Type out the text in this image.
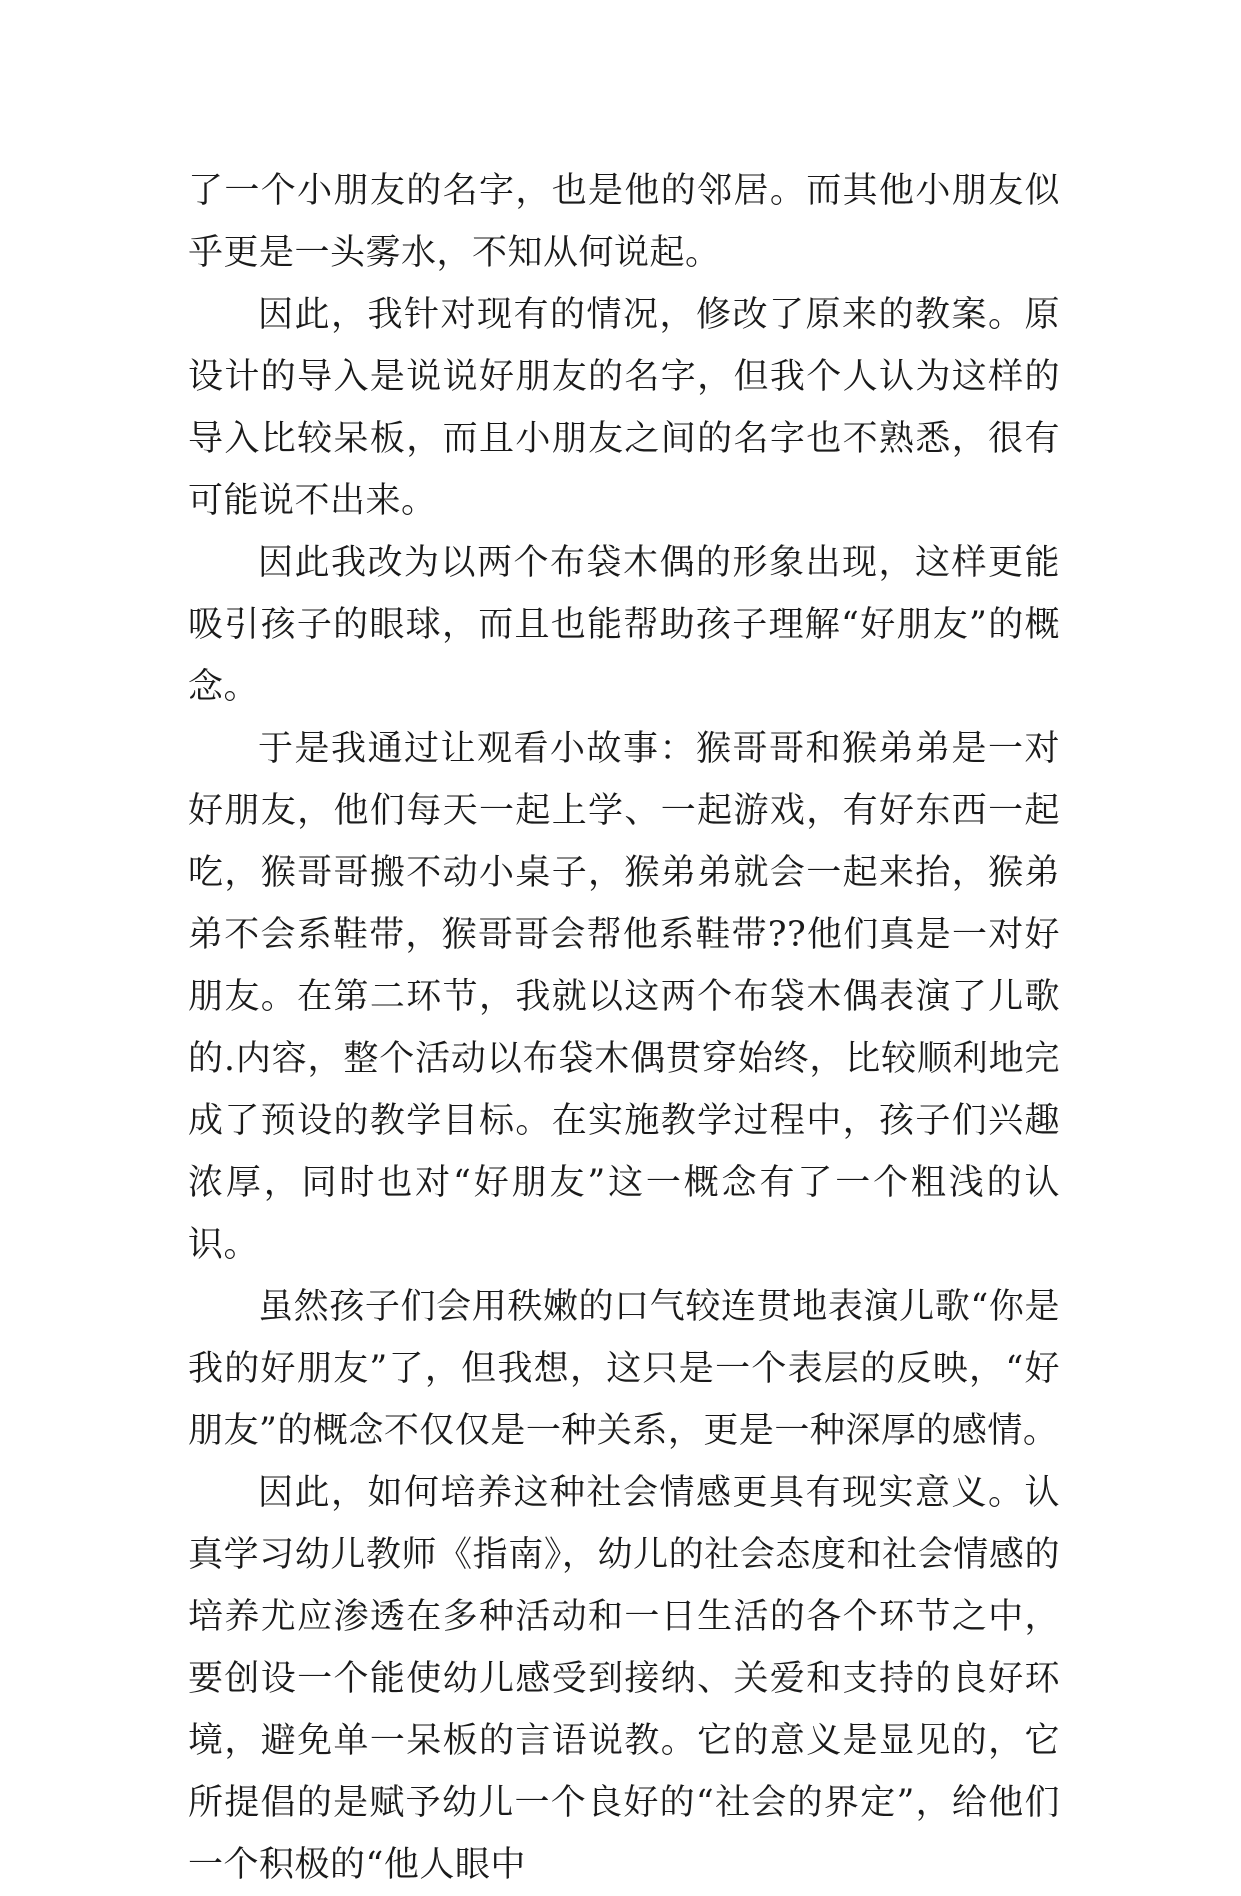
了一个小朋友的名字，也是他的邻居。而其他小朋友似乎更是一头雾水，不知从何说起。

因此，我针对现有的情况，修改了原来的教案。原设计的导入是说说好朋友的名字，但我个人认为这样的导入比较呆板，而且小朋友之间的名字也不熟悉，很有可能说不出来。

因此我改为以两个布袋木偶的形象出现，这样更能吸引孩子的眼球，而且也能帮助孩子理解“好朋友”的概念。

于是我通过让观看小故事：猴哥哥和猴弟弟是一对好朋友，他们每天一起上学、一起游戏，有好东西一起吃，猴哥哥搬不动小桌子，猴弟弟就会一起来抬，猴弟弟不会系鞋带，猴哥哥会帮他系鞋带??他们真是一对好朋友。在第二环节，我就以这两个布袋木偶表演了儿歌的.内容，整个活动以布袋木偶贯穿始终，比较顺利地完成了预设的教学目标。在实施教学过程中，孩子们兴趣浓厚，同时也对“好朋友”这一概念有了一个粗浅的认识。

虽然孩子们会用秩嫩的口气较连贯地表演儿歌“你是我的好朋友”了，但我想，这只是一个表层的反映，“好朋友”的概念不仅仅是一种关系，更是一种深厚的感情。

因此，如何培养这种社会情感更具有现实意义。认真学习幼儿教师《指南》，幼儿的社会态度和社会情感的培养尤应渗透在多种活动和一日生活的各个环节之中，要创设一个能使幼儿感受到接纳、关爱和支持的良好环境，避免单一呆板的言语说教。它的意义是显见的，它所提倡的是赋予幼儿一个良好的“社会的界定”，给他们一个积极的“他人眼中
